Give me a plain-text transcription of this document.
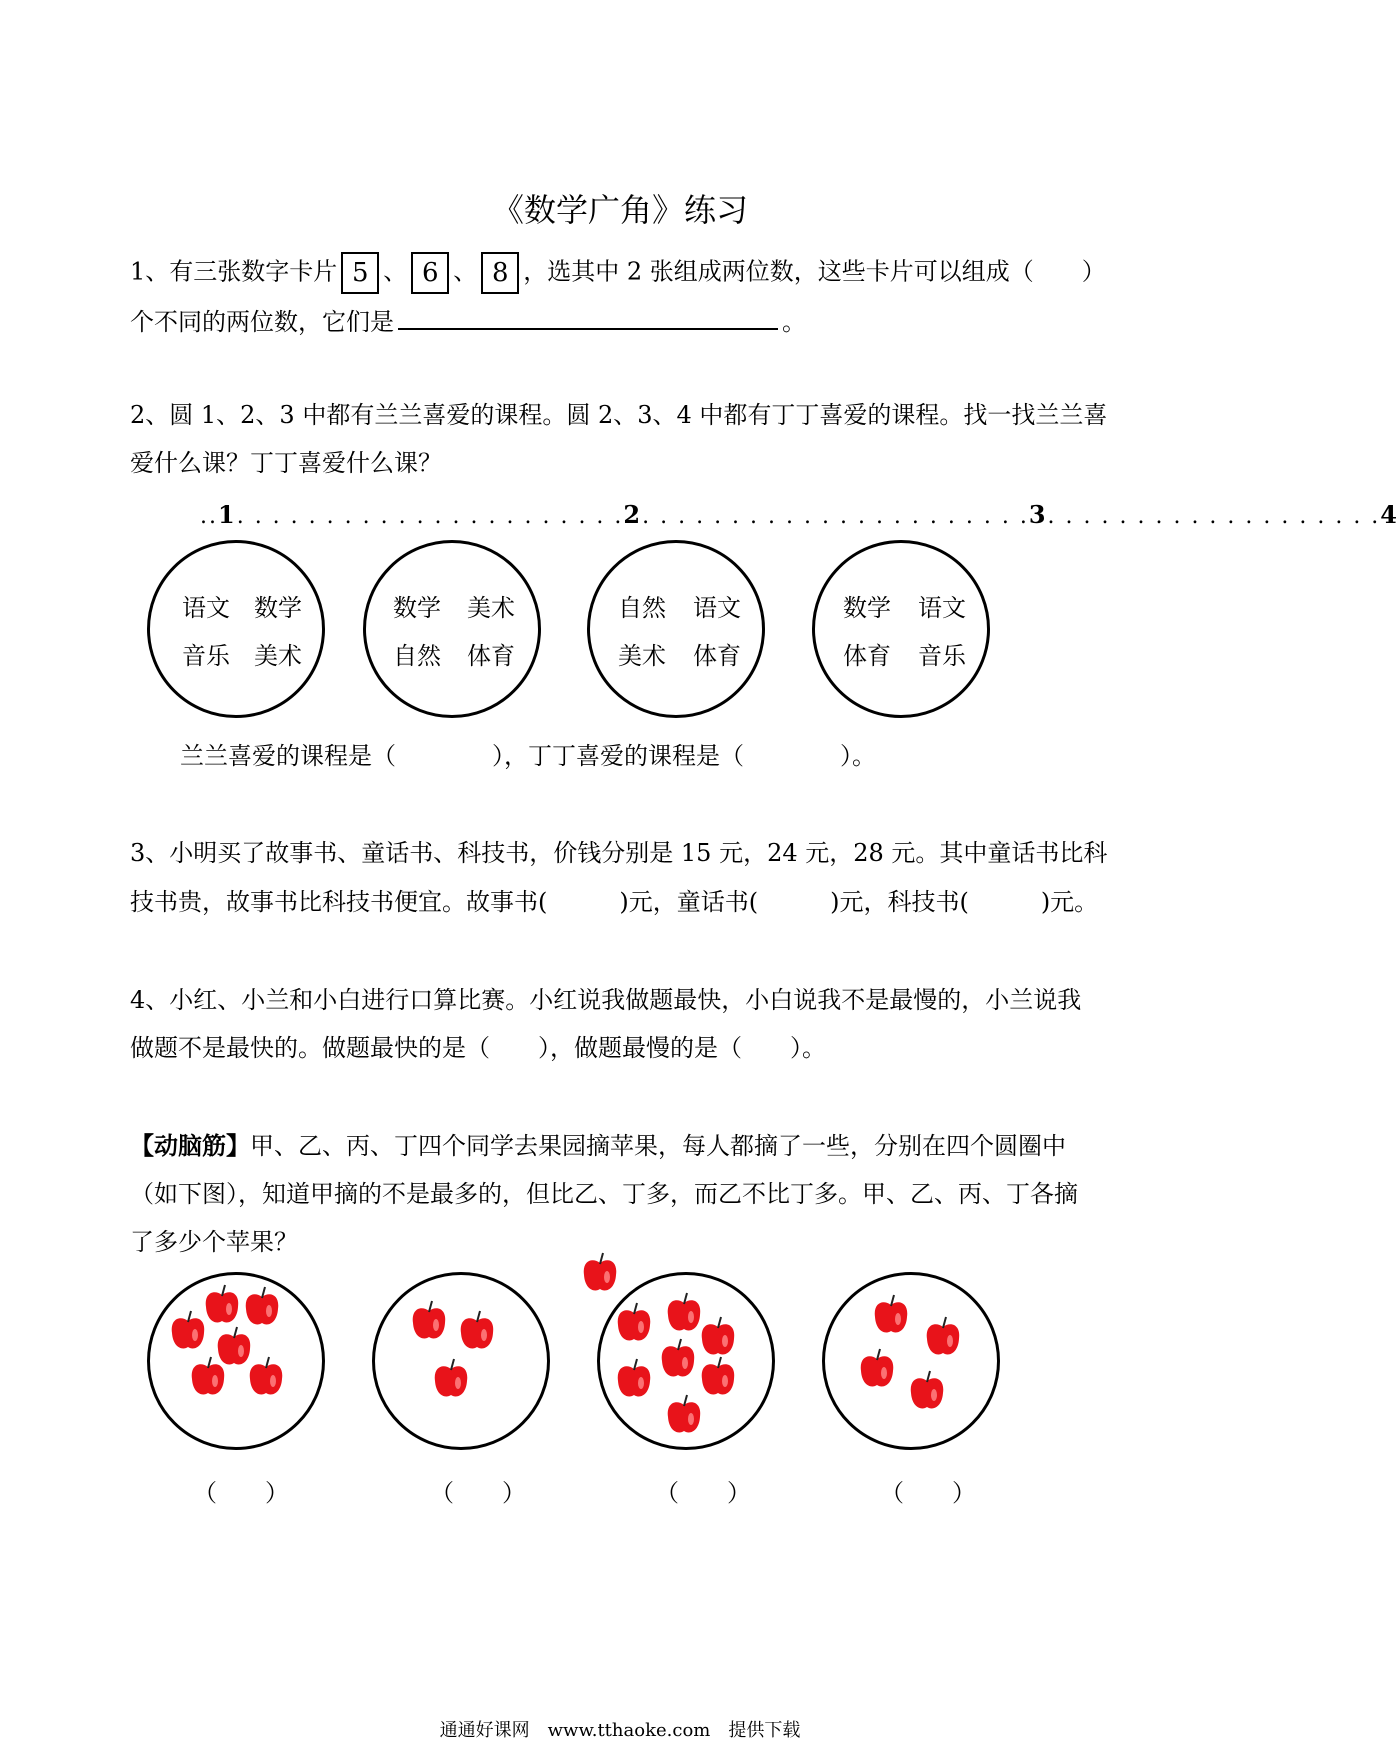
《数学广角》练习
1、有三张数字卡片 5 、 6 、 8 ，选其中 2 张组成两位数，这些卡片可以组成（　　）
个不同的两位数，它们是	。
2、圆 1、2、3 中都有兰兰喜爱的课程。圆 2、3、4 中都有丁丁喜爱的课程。找一找兰兰喜
爱什么课？丁丁喜爱什么课？
..1. . . . . . . . . . . . . . . . . . . . . .2. . . . . . . . . . . . . . . . . . . . . .3. . . . . . . . . . . . . . . . . . .4
语文 数学
音乐 美术
数学 美术
自然 体育
自然 语文
美术 体育
数学 语文
体育 音乐
兰兰喜爱的课程是（　　　　），丁丁喜爱的课程是（　　　　）。
3、小明买了故事书、童话书、科技书，价钱分别是 15 元，24 元，28 元。其中童话书比科
技书贵，故事书比科技书便宜。故事书(　　　)元，童话书(　　　)元，科技书(　　　)元。
4、小红、小兰和小白进行口算比赛。小红说我做题最快，小白说我不是最慢的，小兰说我
做题不是最快的。做题最快的是（　　），做题最慢的是（　　）。
【动脑筋】甲、乙、丙、丁四个同学去果园摘苹果，每人都摘了一些，分别在四个圆圈中
（如下图），知道甲摘的不是最多的，但比乙、丁多，而乙不比丁多。甲、乙、丙、丁各摘
了多少个苹果？
（　　）	（　　）	（　　）	（　　）
通通好课网　www.tthaoke.com　提供下载
